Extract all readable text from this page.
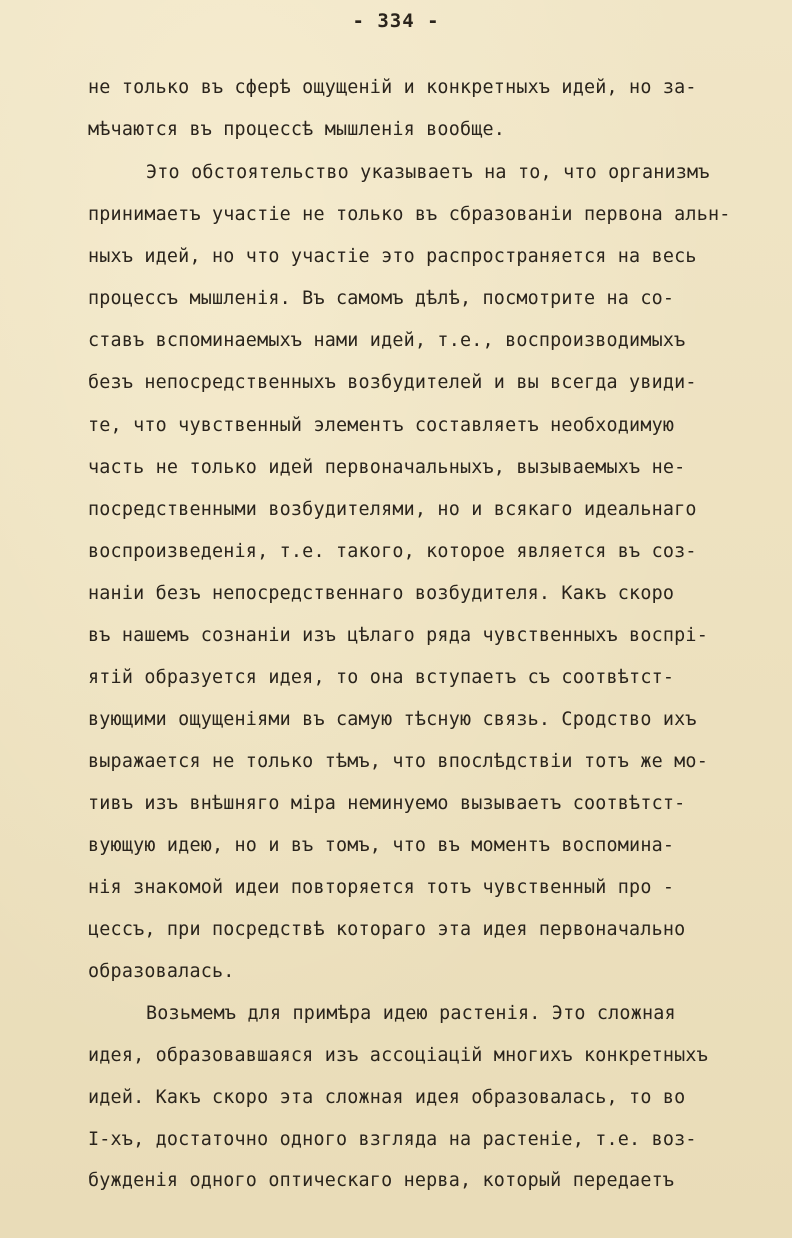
- 334 -
не только въ сферѣ ощущеній и конкретныхъ идей, но за-
мѣчаются въ процессѣ мышленія вообще.
Это обстоятельство указываетъ на то, что организмъ
принимаетъ участіе не только въ сбразованіи первона альн-
ныхъ идей, но что участіе это распространяется на весь
процессъ мышленія. Въ самомъ дѣлѣ, посмотрите на со-
ставъ вспоминаемыхъ нами идей, т.е., воспроизводимыхъ
безъ непосредственныхъ возбудителей и вы всегда увиди-
те, что чувственный элементъ составляетъ необходимую
часть не только идей первоначальныхъ, вызываемыхъ не-
посредственными возбудителями, но и всякаго идеальнаго
воспроизведенія, т.е. такого, которое является въ соз-
наніи безъ непосредственнаго возбудителя. Какъ скоро
въ нашемъ сознаніи изъ цѣлаго ряда чувственныхъ воспрі-
ятій образуется идея, то она вступаетъ съ соотвѣтст-
вующими ощущеніями въ самую тѣсную связь. Сродство ихъ
выражается не только тѣмъ, что впослѣдствіи тотъ же мо-
тивъ изъ внѣшняго міра неминуемо вызываетъ соотвѣтст-
вующую идею, но и въ томъ, что въ моментъ воспомина-
нія знакомой идеи повторяется тотъ чувственный про -
цессъ, при посредствѣ котораго эта идея первоначально
образовалась.
Возьмемъ для примѣра идею растенія. Это сложная
идея, образовавшаяся изъ ассоціацій многихъ конкретныхъ
идей. Какъ скоро эта сложная идея образовалась, то во
I-хъ, достаточно одного взгляда на растеніе, т.е. воз-
бужденія одного оптическаго нерва, который передаетъ
